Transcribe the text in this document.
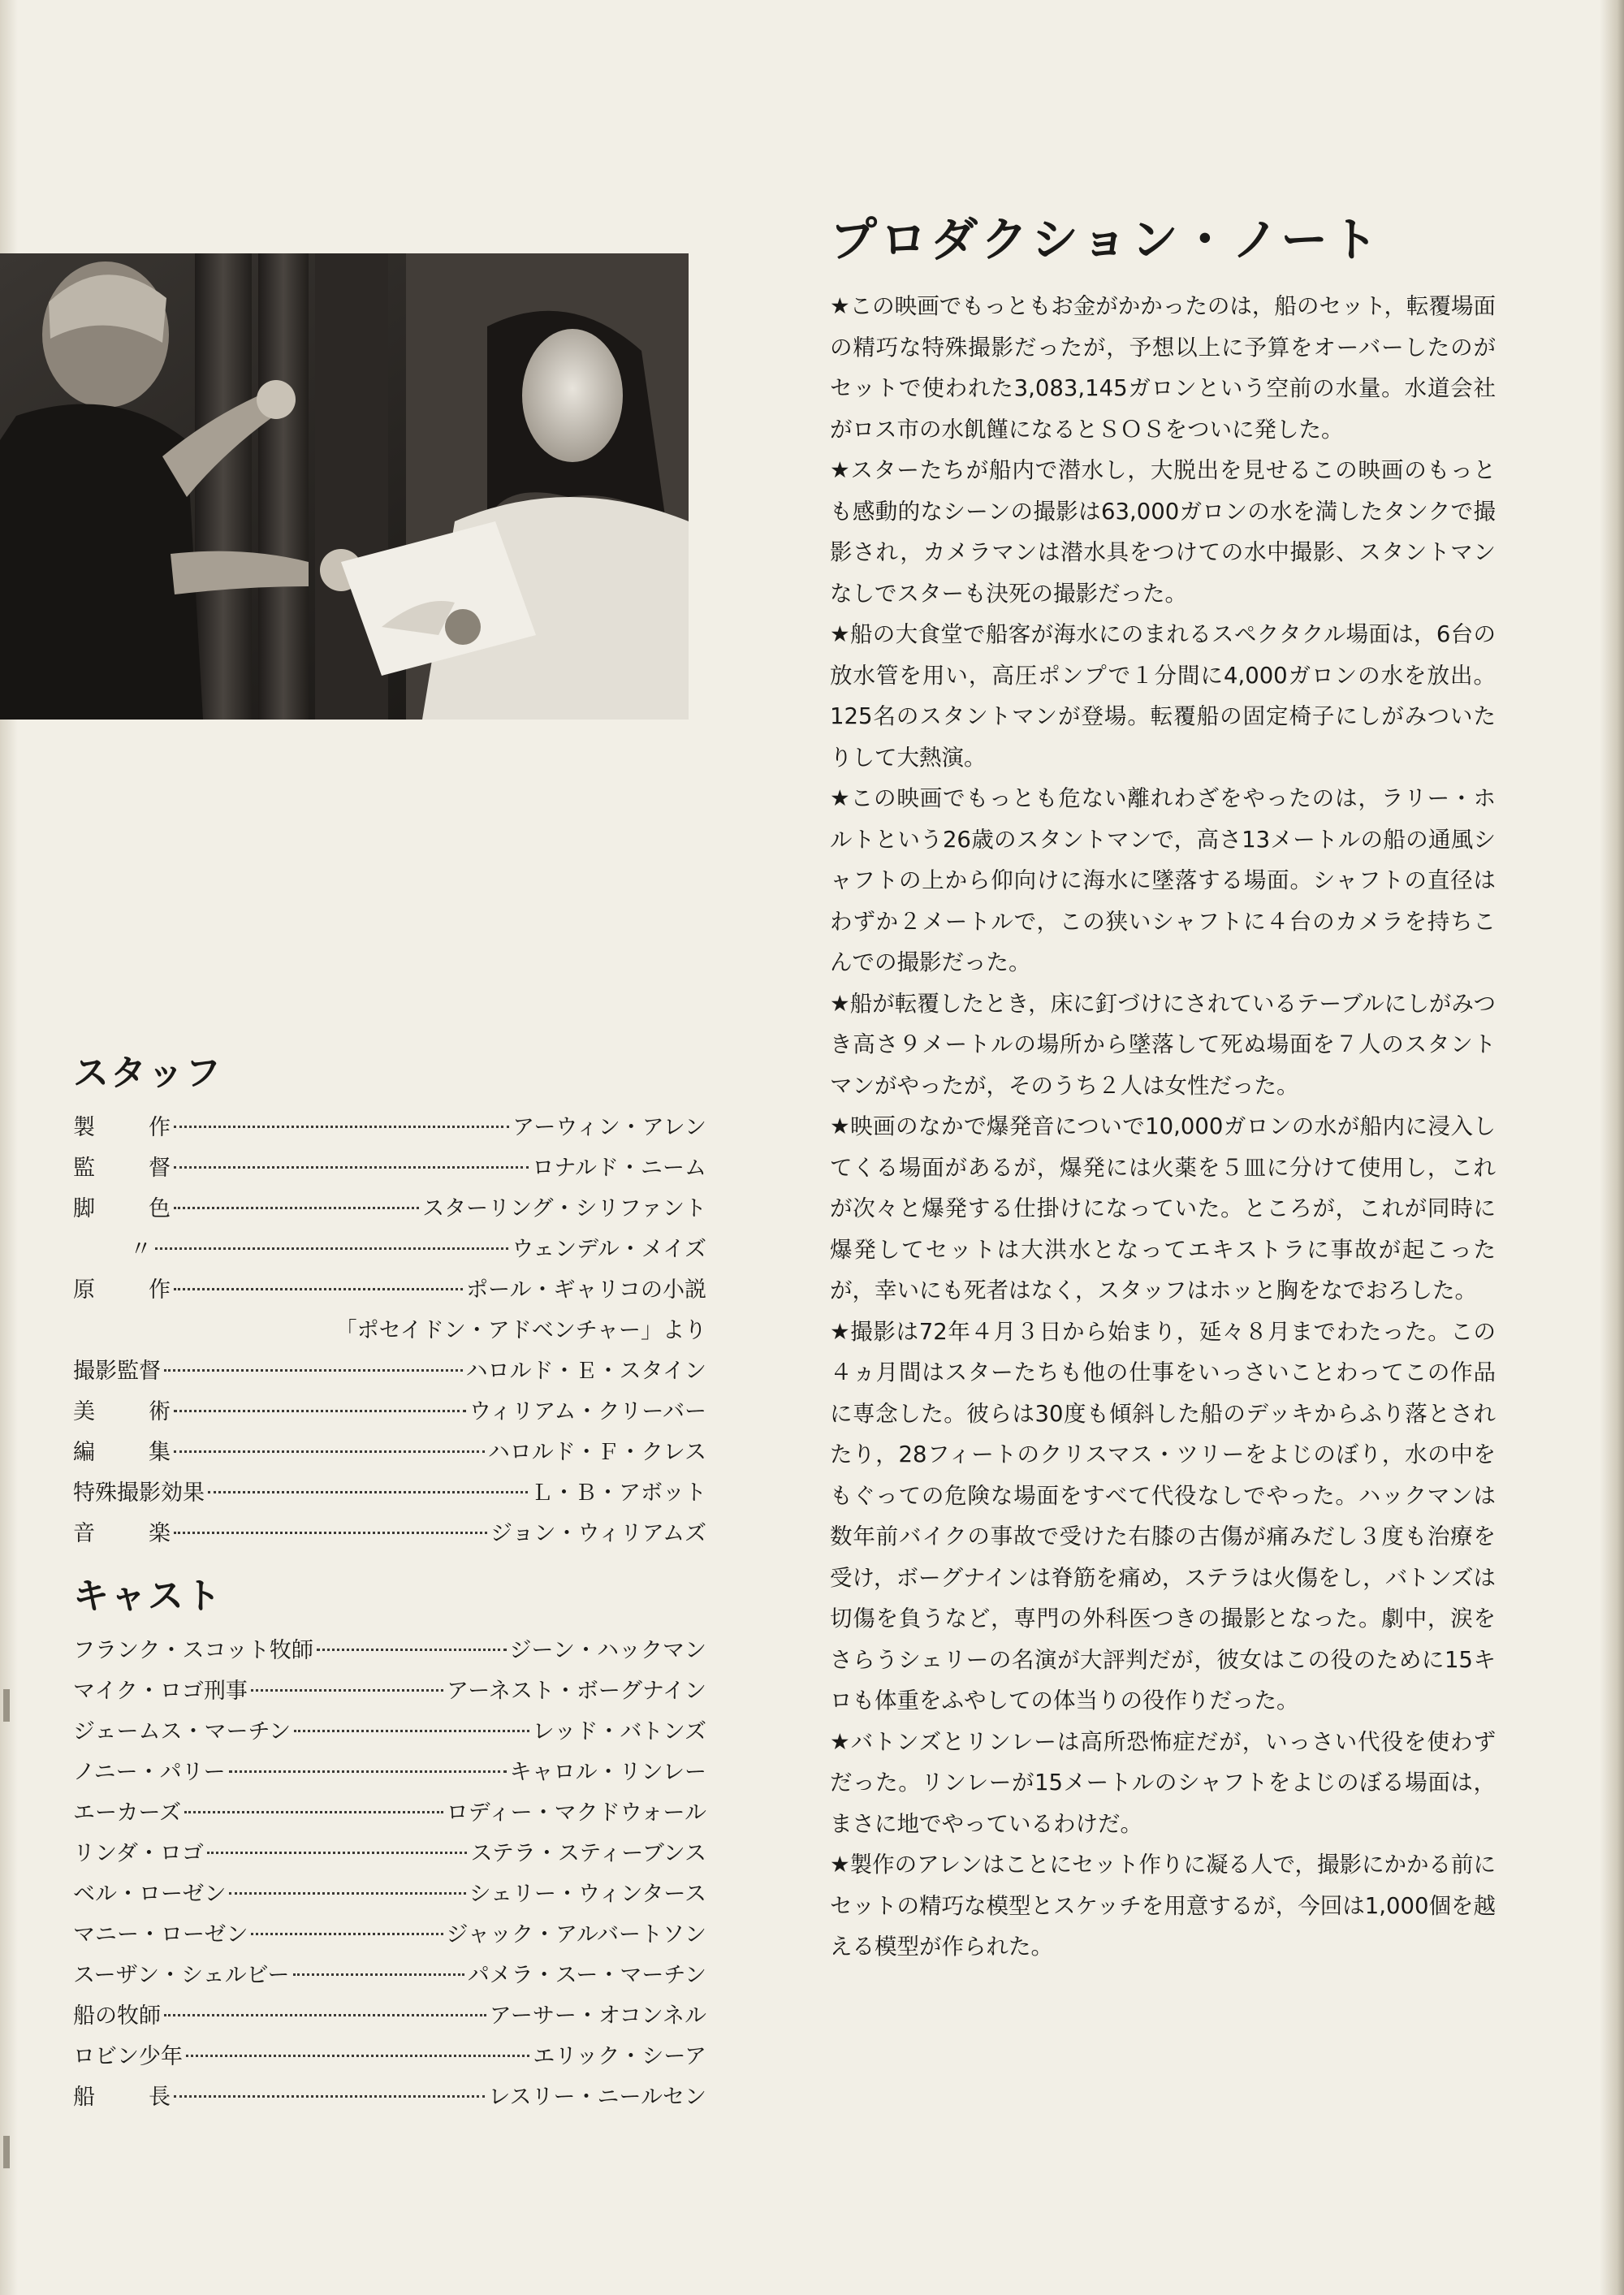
スタッフ
製 作	アーウィン・アレン
監 督	ロナルド・ニーム
脚 色	スターリング・シリファント
〃	ウェンデル・メイズ
原 作	ポール・ギャリコの小説
「ポセイドン・アドベンチャー」より
撮影監督	ハロルド・Ｅ・スタイン
美 術	ウィリアム・クリーバー
編 集	ハロルド・Ｆ・クレス
特殊撮影効果	Ｌ・Ｂ・アボット
音 楽	ジョン・ウィリアムズ
キャスト
フランク・スコット牧師	ジーン・ハックマン
マイク・ロゴ刑事	アーネスト・ボーグナイン
ジェームス・マーチン	レッド・バトンズ
ノニー・パリー	キャロル・リンレー
エーカーズ	ロディー・マクドウォール
リンダ・ロゴ	ステラ・スティーブンス
ベル・ローゼン	シェリー・ウィンタース
マニー・ローゼン	ジャック・アルバートソン
スーザン・シェルビー	パメラ・スー・マーチン
船の牧師	アーサー・オコンネル
ロビン少年	エリック・シーア
船 長	レスリー・ニールセン
プロダクション・ノート

★この映画でもっともお金がかかったのは，船のセット，転覆場面の精巧な特殊撮影だったが，予想以上に予算をオーバーしたのがセットで使われた3,083,145ガロンという空前の水量。水道会社がロス市の水飢饉になるとＳＯＳをついに発した。

★スターたちが船内で潜水し，大脱出を見せるこの映画のもっとも感動的なシーンの撮影は63,000ガロンの水を満したタンクで撮影され，カメラマンは潜水具をつけての水中撮影、スタントマンなしでスターも決死の撮影だった。

★船の大食堂で船客が海水にのまれるスペクタクル場面は，6台の放水管を用い，高圧ポンプで１分間に4,000ガロンの水を放出。125名のスタントマンが登場。転覆船の固定椅子にしがみついたりして大熱演。

★この映画でもっとも危ない離れわざをやったのは，ラリー・ホルトという26歳のスタントマンで，高さ13メートルの船の通風シャフトの上から仰向けに海水に墜落する場面。シャフトの直径はわずか２メートルで，この狭いシャフトに４台のカメラを持ちこんでの撮影だった。

★船が転覆したとき，床に釘づけにされているテーブルにしがみつき高さ９メートルの場所から墜落して死ぬ場面を７人のスタントマンがやったが，そのうち２人は女性だった。

★映画のなかで爆発音についで10,000ガロンの水が船内に浸入してくる場面があるが，爆発には火薬を５皿に分けて使用し，これが次々と爆発する仕掛けになっていた。ところが，これが同時に爆発してセットは大洪水となってエキストラに事故が起こったが，幸いにも死者はなく，スタッフはホッと胸をなでおろした。

★撮影は72年４月３日から始まり，延々８月までわたった。この４ヵ月間はスターたちも他の仕事をいっさいことわってこの作品に専念した。彼らは30度も傾斜した船のデッキからふり落とされたり，28フィートのクリスマス・ツリーをよじのぼり，水の中をもぐっての危険な場面をすべて代役なしでやった。ハックマンは数年前バイクの事故で受けた右膝の古傷が痛みだし３度も治療を受け，ボーグナインは脊筋を痛め，ステラは火傷をし，バトンズは切傷を負うなど，専門の外科医つきの撮影となった。劇中，涙をさらうシェリーの名演が大評判だが，彼女はこの役のために15キロも体重をふやしての体当りの役作りだった。

★バトンズとリンレーは高所恐怖症だが，いっさい代役を使わずだった。リンレーが15メートルのシャフトをよじのぼる場面は，まさに地でやっているわけだ。

★製作のアレンはことにセット作りに凝る人で，撮影にかかる前にセットの精巧な模型とスケッチを用意するが，今回は1,000個を越える模型が作られた。
